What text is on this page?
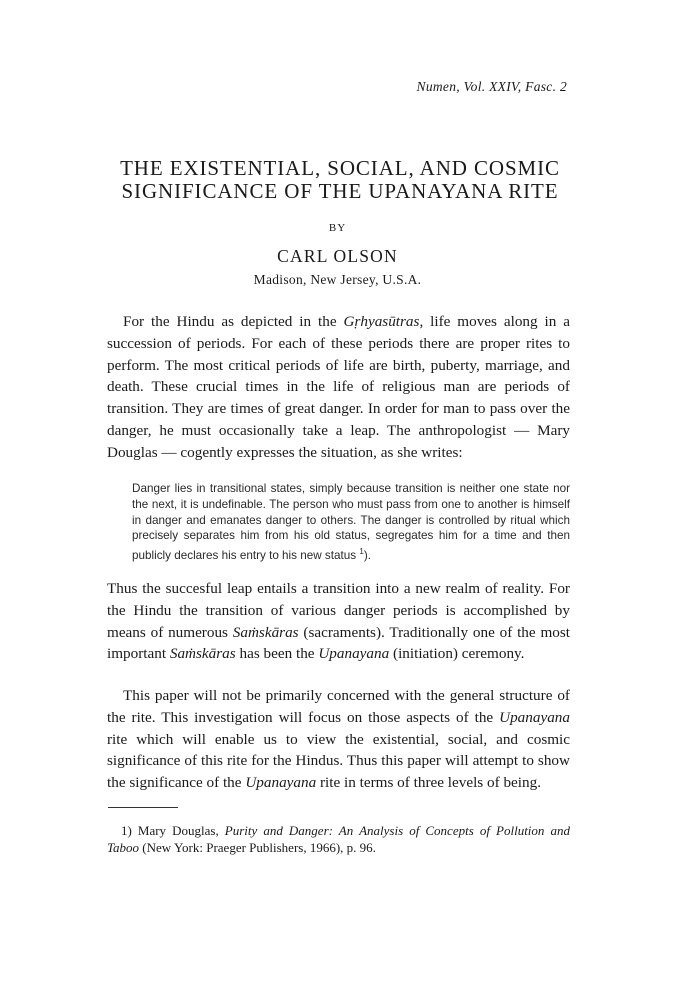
Numen, Vol. XXIV, Fasc. 2
THE EXISTENTIAL, SOCIAL, AND COSMIC
SIGNIFICANCE OF THE UPANAYANA RITE
BY
CARL OLSON
Madison, New Jersey, U.S.A.

For the Hindu as depicted in the Gṛhyasūtras, life moves along in a succession of periods. For each of these periods there are proper rites to perform. The most critical periods of life are birth, puberty, marriage, and death. These crucial times in the life of religious man are periods of transition. They are times of great danger. In order for man to pass over the danger, he must occasionally take a leap. The anthropologist — Mary Douglas — cogently expresses the situation, as she writes:

Danger lies in transitional states, simply because transition is neither one state nor the next, it is undefinable. The person who must pass from one to another is himself in danger and emanates danger to others. The danger is controlled by ritual which precisely separates him from his old status, segregates him for a time and then publicly declares his entry to his new status $^1$).

Thus the succesful leap entails a transition into a new realm of reality. For the Hindu the transition of various danger periods is accomplished by means of numerous Saṁskāras (sacraments). Traditionally one of the most important Saṁskāras has been the Upanayana (initiation) ceremony.

This paper will not be primarily concerned with the general structure of the rite. This investigation will focus on those aspects of the Upanayana rite which will enable us to view the existential, social, and cosmic significance of this rite for the Hindus. Thus this paper will attempt to show the significance of the Upanayana rite in terms of three levels of being.

1) Mary Douglas, Purity and Danger: An Analysis of Concepts of Pollution and Taboo (New York: Praeger Publishers, 1966), p. 96.
